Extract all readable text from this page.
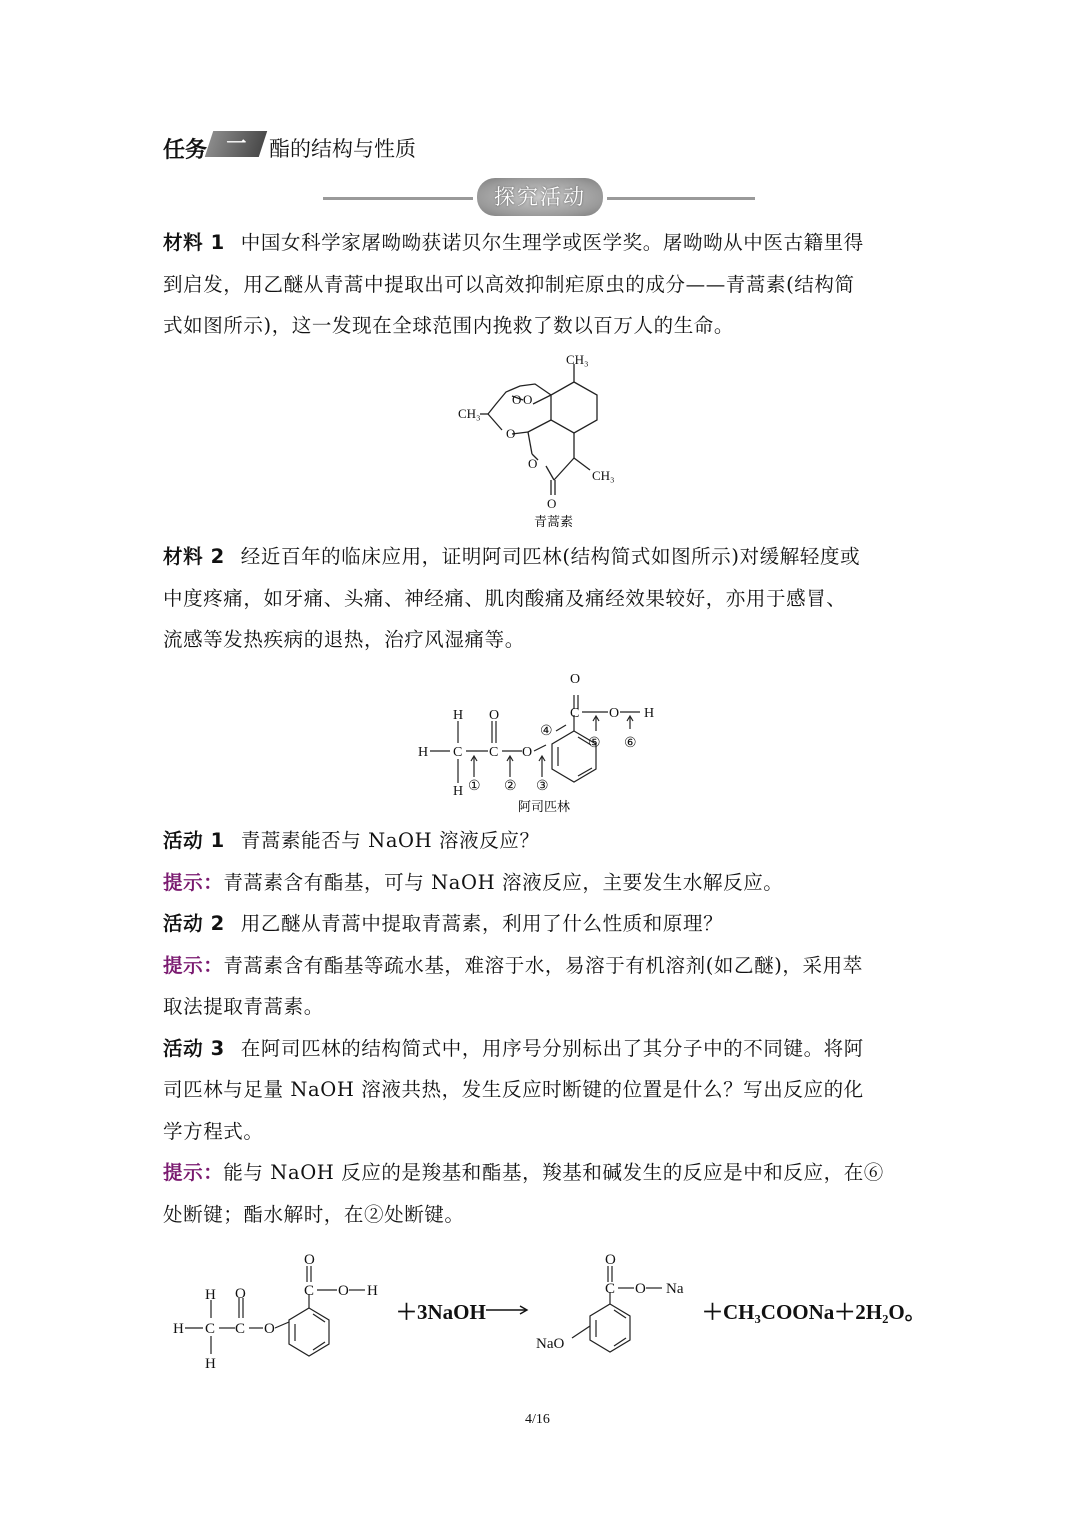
任务 一	酯的结构与性质
探究活动
材料 1 中国女科学家屠呦呦获诺贝尔生理学或医学奖。屠呦呦从中医古籍里得
到启发，用乙醚从青蒿中提取出可以高效抑制疟原虫的成分——青蒿素(结构简
式如图所示)，这一发现在全球范围内挽救了数以百万人的生命。
CH₃
CH₃
CH₃
O O
O
O
O
青蒿素
材料 2 经近百年的临床应用，证明阿司匹林(结构简式如图所示)对缓解轻度或
中度疼痛，如牙痛、头痛、神经痛、肌肉酸痛及痛经效果较好，亦用于感冒、
流感等发热疾病的退热，治疗风湿痛等。
H
H
H
C
O
C O
O
C O H
① ② ③
④
⑤ ⑥
阿司匹林
活动 1 青蒿素能否与 NaOH 溶液反应？
提示：青蒿素含有酯基，可与 NaOH 溶液反应，主要发生水解反应。
活动 2 用乙醚从青蒿中提取青蒿素，利用了什么性质和原理？
提示：青蒿素含有酯基等疏水基，难溶于水，易溶于有机溶剂(如乙醚)，采用萃
取法提取青蒿素。
活动 3 在阿司匹林的结构简式中，用序号分别标出了其分子中的不同键。将阿
司匹林与足量 NaOH 溶液共热，发生反应时断键的位置是什么？写出反应的化
学方程式。
提示：能与 NaOH 反应的是羧基和酯基，羧基和碱发生的反应是中和反应，在⑥
处断键；酯水解时，在②处断键。
H
H
H
C
O
C O
O
C O H
＋3NaOH
O
C O Na
NaO
＋CH₃COONa＋2H₂O。
4/16
